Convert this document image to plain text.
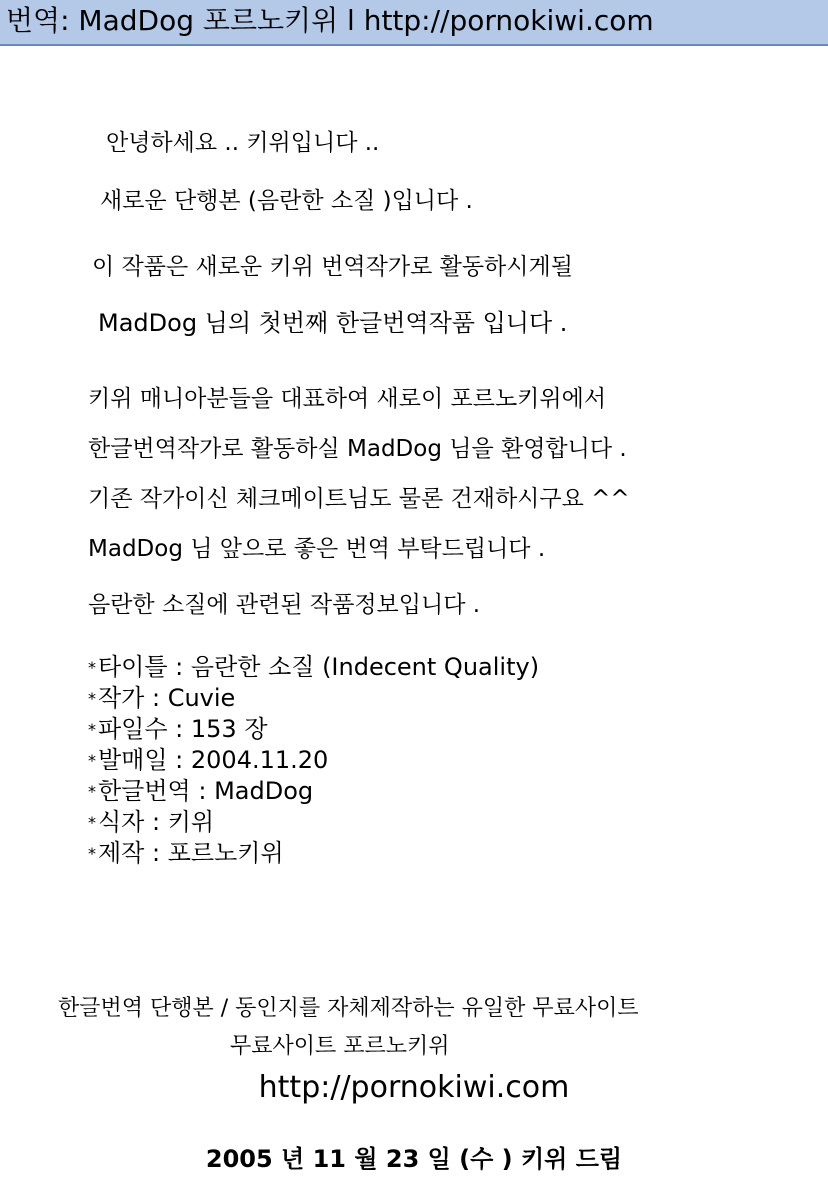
번역: MadDog 포르노키위 l http://pornokiwi.com
안녕하세요 .. 키위입니다 ..
새로운 단행본 (음란한 소질 )입니다 .
이 작품은 새로운 키위 번역작가로 활동하시게될
MadDog 님의 첫번째 한글번역작품 입니다 .
키위 매니아분들을 대표하여 새로이 포르노키위에서
한글번역작가로 활동하실 MadDog 님을 환영합니다 .
기존 작가이신 체크메이트님도 물론 건재하시구요 ^^
MadDog 님 앞으로 좋은 번역 부탁드립니다 .
음란한 소질에 관련된 작품정보입니다 .
*타이틀 : 음란한 소질 (Indecent Quality)
*작가 : Cuvie
*파일수 : 153 장
*발매일 : 2004.11.20
*한글번역 : MadDog
*식자 : 키위
*제작 : 포르노키위
한글번역 단행본 / 동인지를 자체제작하는 유일한 무료사이트
무료사이트 포르노키위
http://pornokiwi.com
2005 년 11 월 23 일 (수 ) 키위 드림
